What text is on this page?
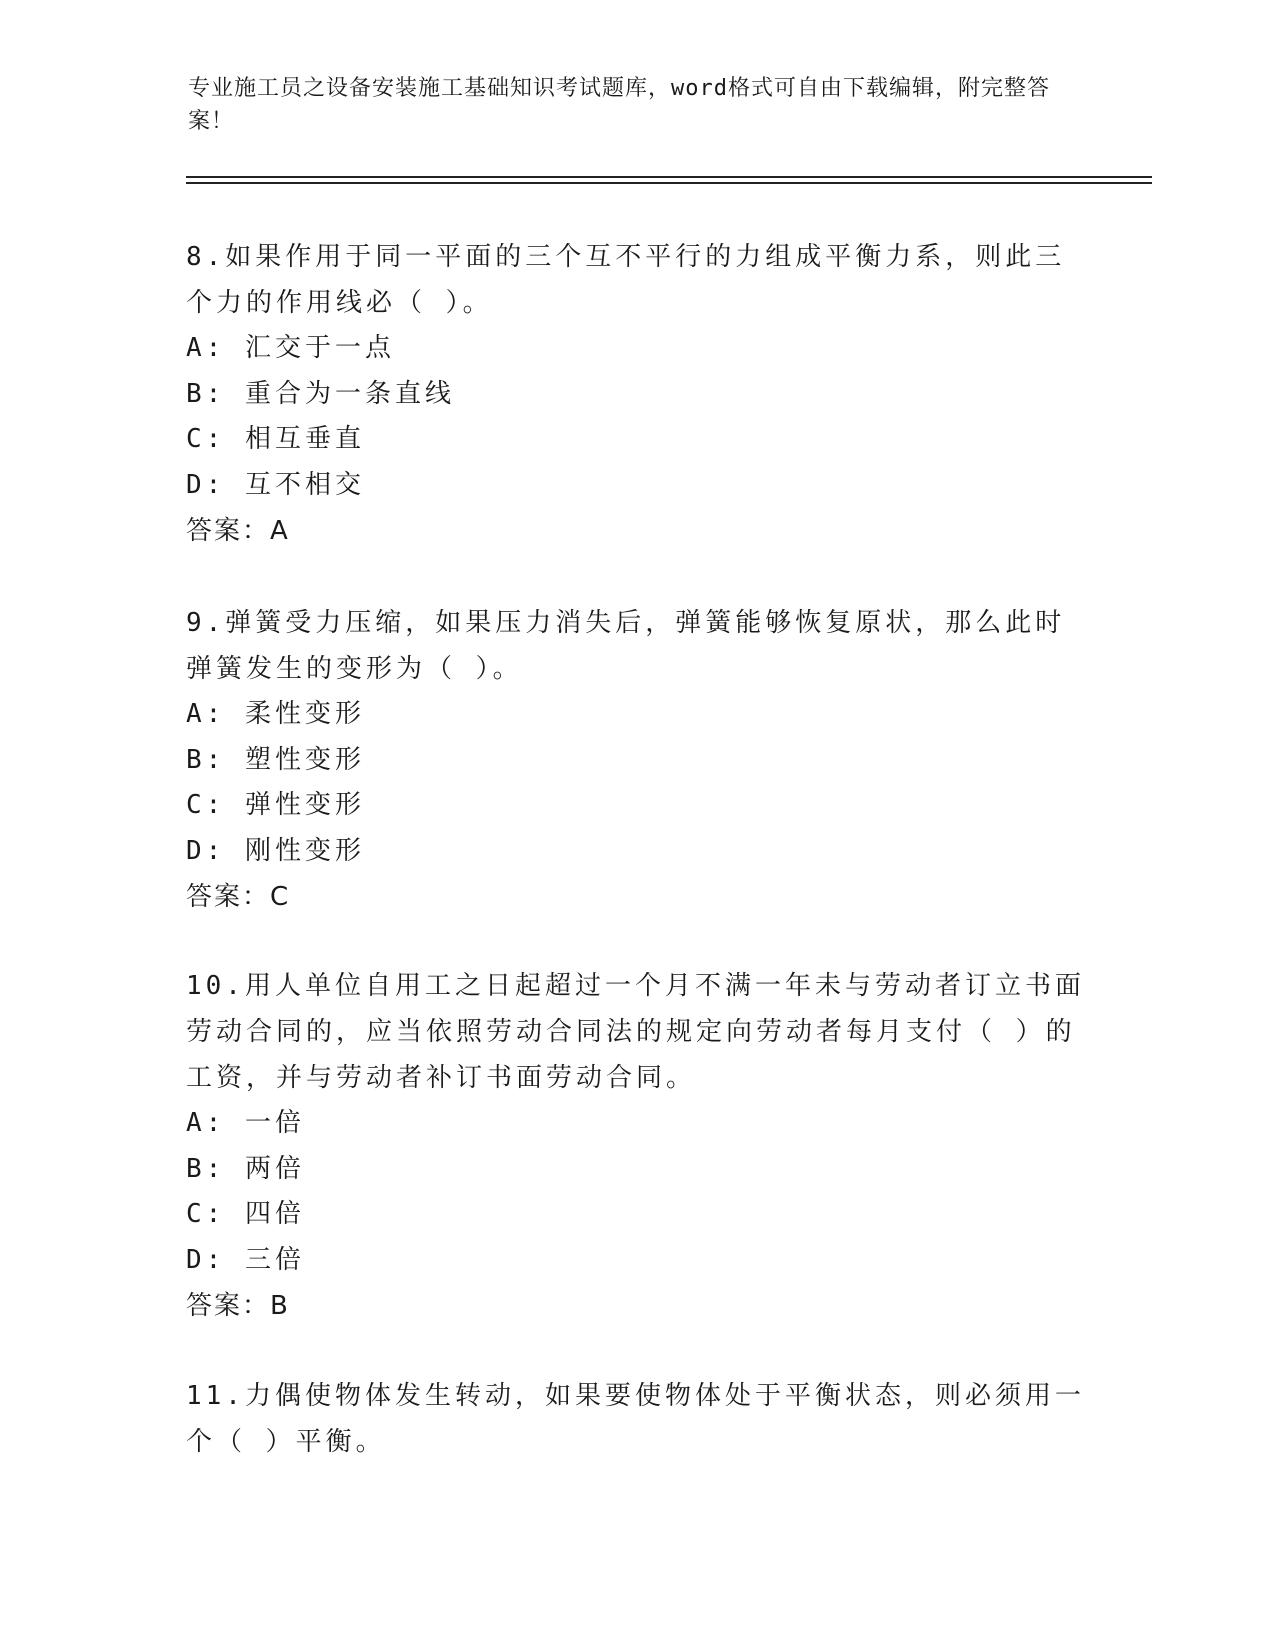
专业施工员之设备安装施工基础知识考试题库，word格式可自由下载编辑，附完整答案！
8.如果作用于同一平面的三个互不平行的力组成平衡力系，则此三个力的作用线必（ ）。
A: 汇交于一点
B: 重合为一条直线
C: 相互垂直
D: 互不相交
答案：A
9.弹簧受力压缩，如果压力消失后，弹簧能够恢复原状，那么此时弹簧发生的变形为（ ）。
A: 柔性变形
B: 塑性变形
C: 弹性变形
D: 刚性变形
答案：C
10.用人单位自用工之日起超过一个月不满一年未与劳动者订立书面劳动合同的，应当依照劳动合同法的规定向劳动者每月支付（ ）的工资，并与劳动者补订书面劳动合同。
A: 一倍
B: 两倍
C: 四倍
D: 三倍
答案：B
11.力偶使物体发生转动，如果要使物体处于平衡状态，则必须用一个（ ）平衡。
